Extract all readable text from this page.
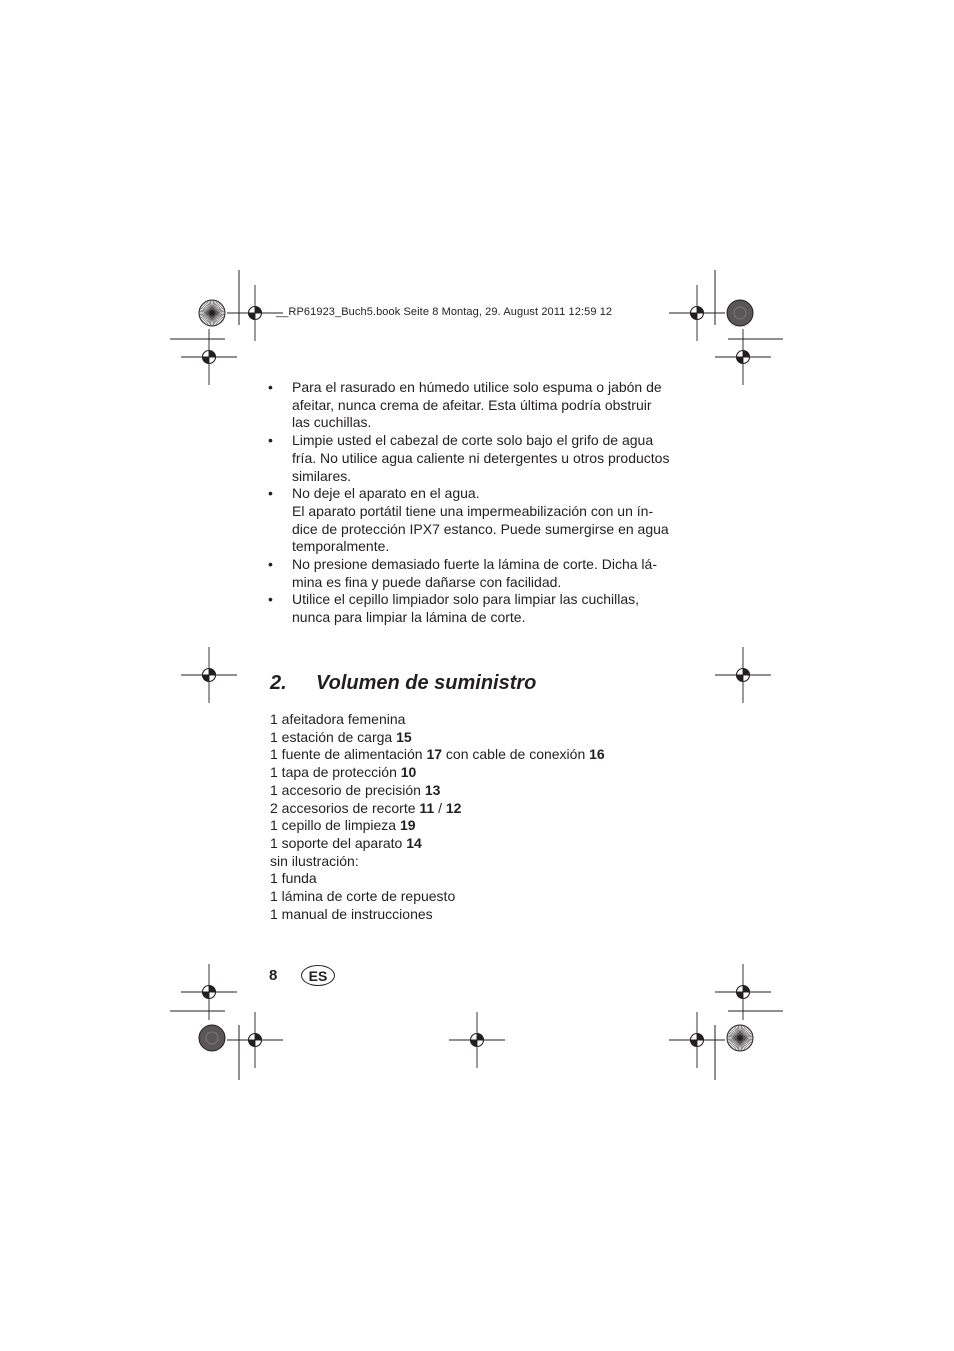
__RP61923_Buch5.book Seite 8 Montag, 29. August 2011 12:59 12
• Para el rasurado en húmedo utilice solo espuma o jabón de afeitar, nunca crema de afeitar. Esta última podría obstruir las cuchillas.
• Limpie usted el cabezal de corte solo bajo el grifo de agua fría. No utilice agua caliente ni detergentes u otros productos similares.
• No deje el aparato en el agua.
El aparato portátil tiene una impermeabilización con un índice de protección IPX7 estanco. Puede sumergirse en agua temporalmente.
• No presione demasiado fuerte la lámina de corte. Dicha lámina es fina y puede dañarse con facilidad.
• Utilice el cepillo limpiador solo para limpiar las cuchillas, nunca para limpiar la lámina de corte.
2. Volumen de suministro
1 afeitadora femenina
1 estación de carga 15
1 fuente de alimentación 17 con cable de conexión 16
1 tapa de protección 10
1 accesorio de precisión 13
2 accesorios de recorte 11 / 12
1 cepillo de limpieza 19
1 soporte del aparato 14
sin ilustración:
1 funda
1 lámina de corte de repuesto
1 manual de instrucciones
8 ES
